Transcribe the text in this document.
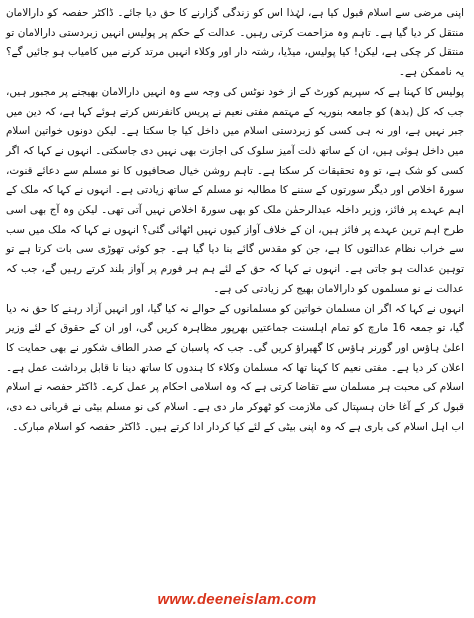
اپنی مرضی سے اسلام قبول کیا ہے، لہٰذا اس کو زندگی گزارنے کا حق دیا جائے۔ ڈاکٹر حفصہ کو دارالامان منتقل کر دیا گیا ہے۔ تاہم وہ مزاحمت کرتی رہیں۔ عدالت کے حکم پر پولیس انہیں زبردستی دارالامان تو منتقل کر چکی ہے، لیکن! کیا پولیس، میڈیا، رشتہ دار اور وکلاء انہیں مرتد کرنے میں کامیاب ہو جائیں گے؟ یہ ناممکن ہے۔

پولیس کا کہنا ہے کہ سپریم کورٹ کے از خود نوٹس کی وجہ سے وہ انہیں دارالامان بھیجنے پر مجبور ہیں، جب کہ کل (بدھ) کو جامعہ بنوریہ کے مہتمم مفتی نعیم نے پریس کانفرنس کرتے ہوئے کہا ہے، کہ دین میں جبر نہیں ہے، اور نہ ہی کسی کو زبردستی اسلام میں داخل کیا جا سکتا ہے۔ لیکن دونوں خواتین اسلام میں داخل ہوئی ہیں، ان کے ساتھ ذلت آمیز سلوک کی اجازت بھی نہیں دی جاسکتی۔ انہوں نے کہا کہ اگر کسی کو شک ہے، تو وہ تحقیقات کر سکتا ہے۔ تاہم روشن خیال صحافیوں کا نو مسلم سے دعائے قنوت، سورۃ اخلاص اور دیگر سورتوں کے سننے کا مطالبہ نو مسلم کے ساتھ زیادتی ہے۔ انہوں نے کہا کہ ملک کے اہم عہدے پر فائز، وزیر داخلہ عبدالرحمٰن ملک کو بھی سورۃ اخلاص نہیں آتی تھی۔ لیکن وہ آج بھی اسی طرح اہم ترین عہدے پر فائز ہیں، ان کے خلاف آواز کیوں نہیں اٹھائی گئی؟ انہوں نے کہا کہ ملک میں سب سے خراب نظام عدالتوں کا ہے، جن کو مقدس گائے بنا دیا گیا ہے۔ جو کوئی تھوڑی سی بات کرتا ہے تو توہین عدالت ہو جاتی ہے۔ انہوں نے کہا کہ حق کے لئے ہم ہر فورم پر آواز بلند کرتے رہیں گے، جب کہ عدالت نے نو مسلموں کو دارالامان بھیج کر زیادتی کی ہے۔

انہوں نے کہا کہ اگر ان مسلمان خواتین کو مسلمانوں کے حوالے نہ کیا گیا، اور انہیں آزاد رہنے کا حق نہ دیا گیا، تو جمعہ 16 مارچ کو تمام اہلسنت جماعتیں بھرپور مظاہرہ کریں گی، اور ان کے حقوق کے لئے وزیر اعلیٰ ہاؤس اور گورنر ہاؤس کا گھیراؤ کریں گی۔ جب کہ پاسبان کے صدر الطاف شکور نے بھی حمایت کا اعلان کر دیا ہے۔ مفتی نعیم کا کہنا تھا کہ مسلمان وکلاء کا ہندوں کا ساتھ دینا نا قابل برداشت عمل ہے۔ اسلام کی محبت ہر مسلمان سے تقاضا کرتی ہے کہ وہ اسلامی احکام پر عمل کرے۔ ڈاکٹر حفصہ نے اسلام قبول کر کے آغا خان ہسپتال کی ملازمت کو ٹھوکر مار دی ہے۔ اسلام کی نو مسلم بیٹی نے قربانی دے دی، اب اہل اسلام کی باری ہے کہ وہ اپنی بیٹی کے لئے کیا کردار ادا کرتے ہیں۔ ڈاکٹر حفصہ کو اسلام مبارک۔

www.deeneislam.com
